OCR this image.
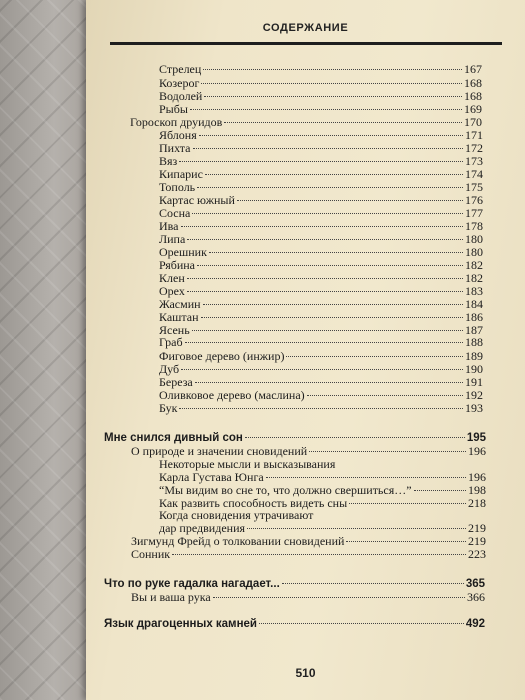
СОДЕРЖАНИЕ
Стрелец	167
Козерог	168
Водолей	168
Рыбы	169
Гороскоп друидов	170
Яблоня	171
Пихта	172
Вяз	173
Кипарис	174
Тополь	175
Картас южный	176
Сосна	177
Ива	178
Липа	180
Орешник	180
Рябина	182
Клен	182
Орех	183
Жасмин	184
Каштан	186
Ясень	187
Граб	188
Фиговое дерево (инжир)	189
Дуб	190
Береза	191
Оливковое дерево (маслина)	192
Бук	193
Мне снился дивный сон	195
О природе и значении сновидений	196
Некоторые мысли и высказывания
Карла Густава Юнга	196
“Мы видим во сне то, что должно свершиться…”	198
Как развить способность видеть сны	218
Когда сновидения утрачивают
дар предвидения	219
Зигмунд Фрейд о толковании сновидений	219
Сонник	223
Что по руке гадалка нагадает...	365
Вы и ваша рука	366
Язык драгоценных камней	492
510
